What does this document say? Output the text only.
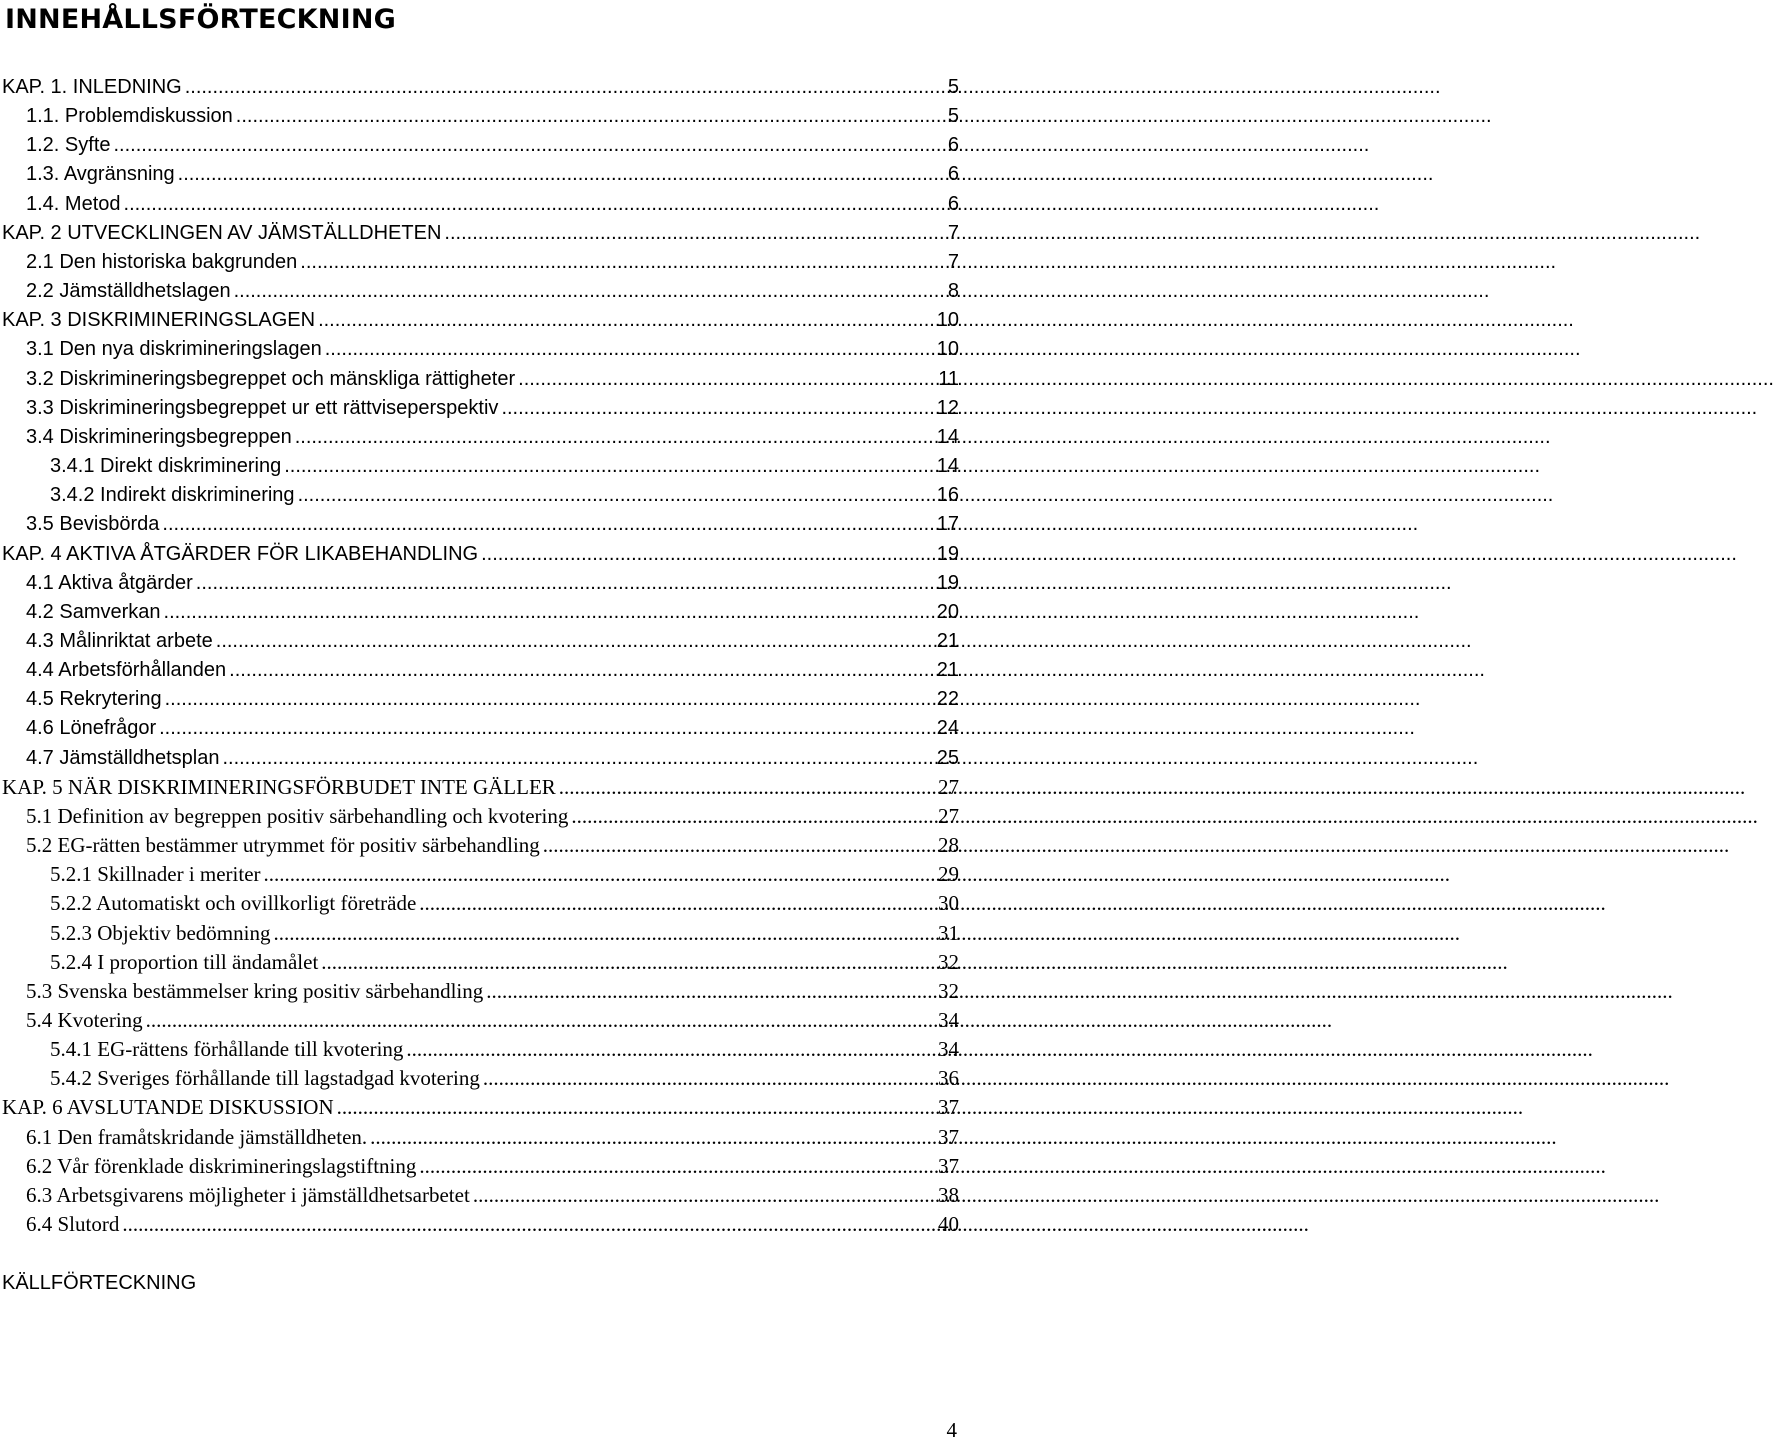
INNEHÅLLSFÖRTECKNING
KAP. 1. INLEDNING .....	5
1.1. Problemdiskussion .....	5
1.2. Syfte .....	6
1.3. Avgränsning .....	6
1.4. Metod .....	6
KAP. 2 UTVECKLINGEN AV JÄMSTÄLLDHETEN .....	7
2.1 Den historiska bakgrunden .....	7
2.2 Jämställdhetslagen .....	8
KAP. 3 DISKRIMINERINGSLAGEN .....	10
3.1 Den nya diskrimineringslagen .....	10
3.2 Diskrimineringsbegreppet och mänskliga rättigheter .....	11
3.3 Diskrimineringsbegreppet ur ett rättviseperspektiv .....	12
3.4 Diskrimineringsbegreppen .....	14
3.4.1 Direkt diskriminering .....	14
3.4.2 Indirekt diskriminering .....	16
3.5 Bevisbörda .....	17
KAP. 4 AKTIVA ÅTGÄRDER FÖR LIKABEHANDLING .....	19
4.1 Aktiva åtgärder .....	19
4.2 Samverkan .....	20
4.3 Målinriktat arbete .....	21
4.4 Arbetsförhållanden .....	21
4.5 Rekrytering .....	22
4.6 Lönefrågor .....	24
4.7 Jämställdhetsplan .....	25
KAP. 5 NÄR DISKRIMINERINGSFÖRBUDET INTE GÄLLER .....	27
5.1 Definition av begreppen positiv särbehandling och kvotering .....	27
5.2 EG-rätten bestämmer utrymmet för positiv särbehandling .....	28
5.2.1 Skillnader i meriter .....	29
5.2.2 Automatiskt och ovillkorligt företräde .....	30
5.2.3 Objektiv bedömning .....	31
5.2.4 I proportion till ändamålet .....	32
5.3 Svenska bestämmelser kring positiv särbehandling .....	32
5.4 Kvotering .....	34
5.4.1 EG-rättens förhållande till kvotering .....	34
5.4.2 Sveriges förhållande till lagstadgad kvotering .....	36
KAP. 6 AVSLUTANDE DISKUSSION .....	37
6.1 Den framåtskridande jämställdheten. .....	37
6.2 Vår förenklade diskrimineringslagstiftning .....	37
6.3 Arbetsgivarens möjligheter i jämställdhetsarbetet .....	38
6.4 Slutord .....	40
KÄLLFÖRTECKNING
4
